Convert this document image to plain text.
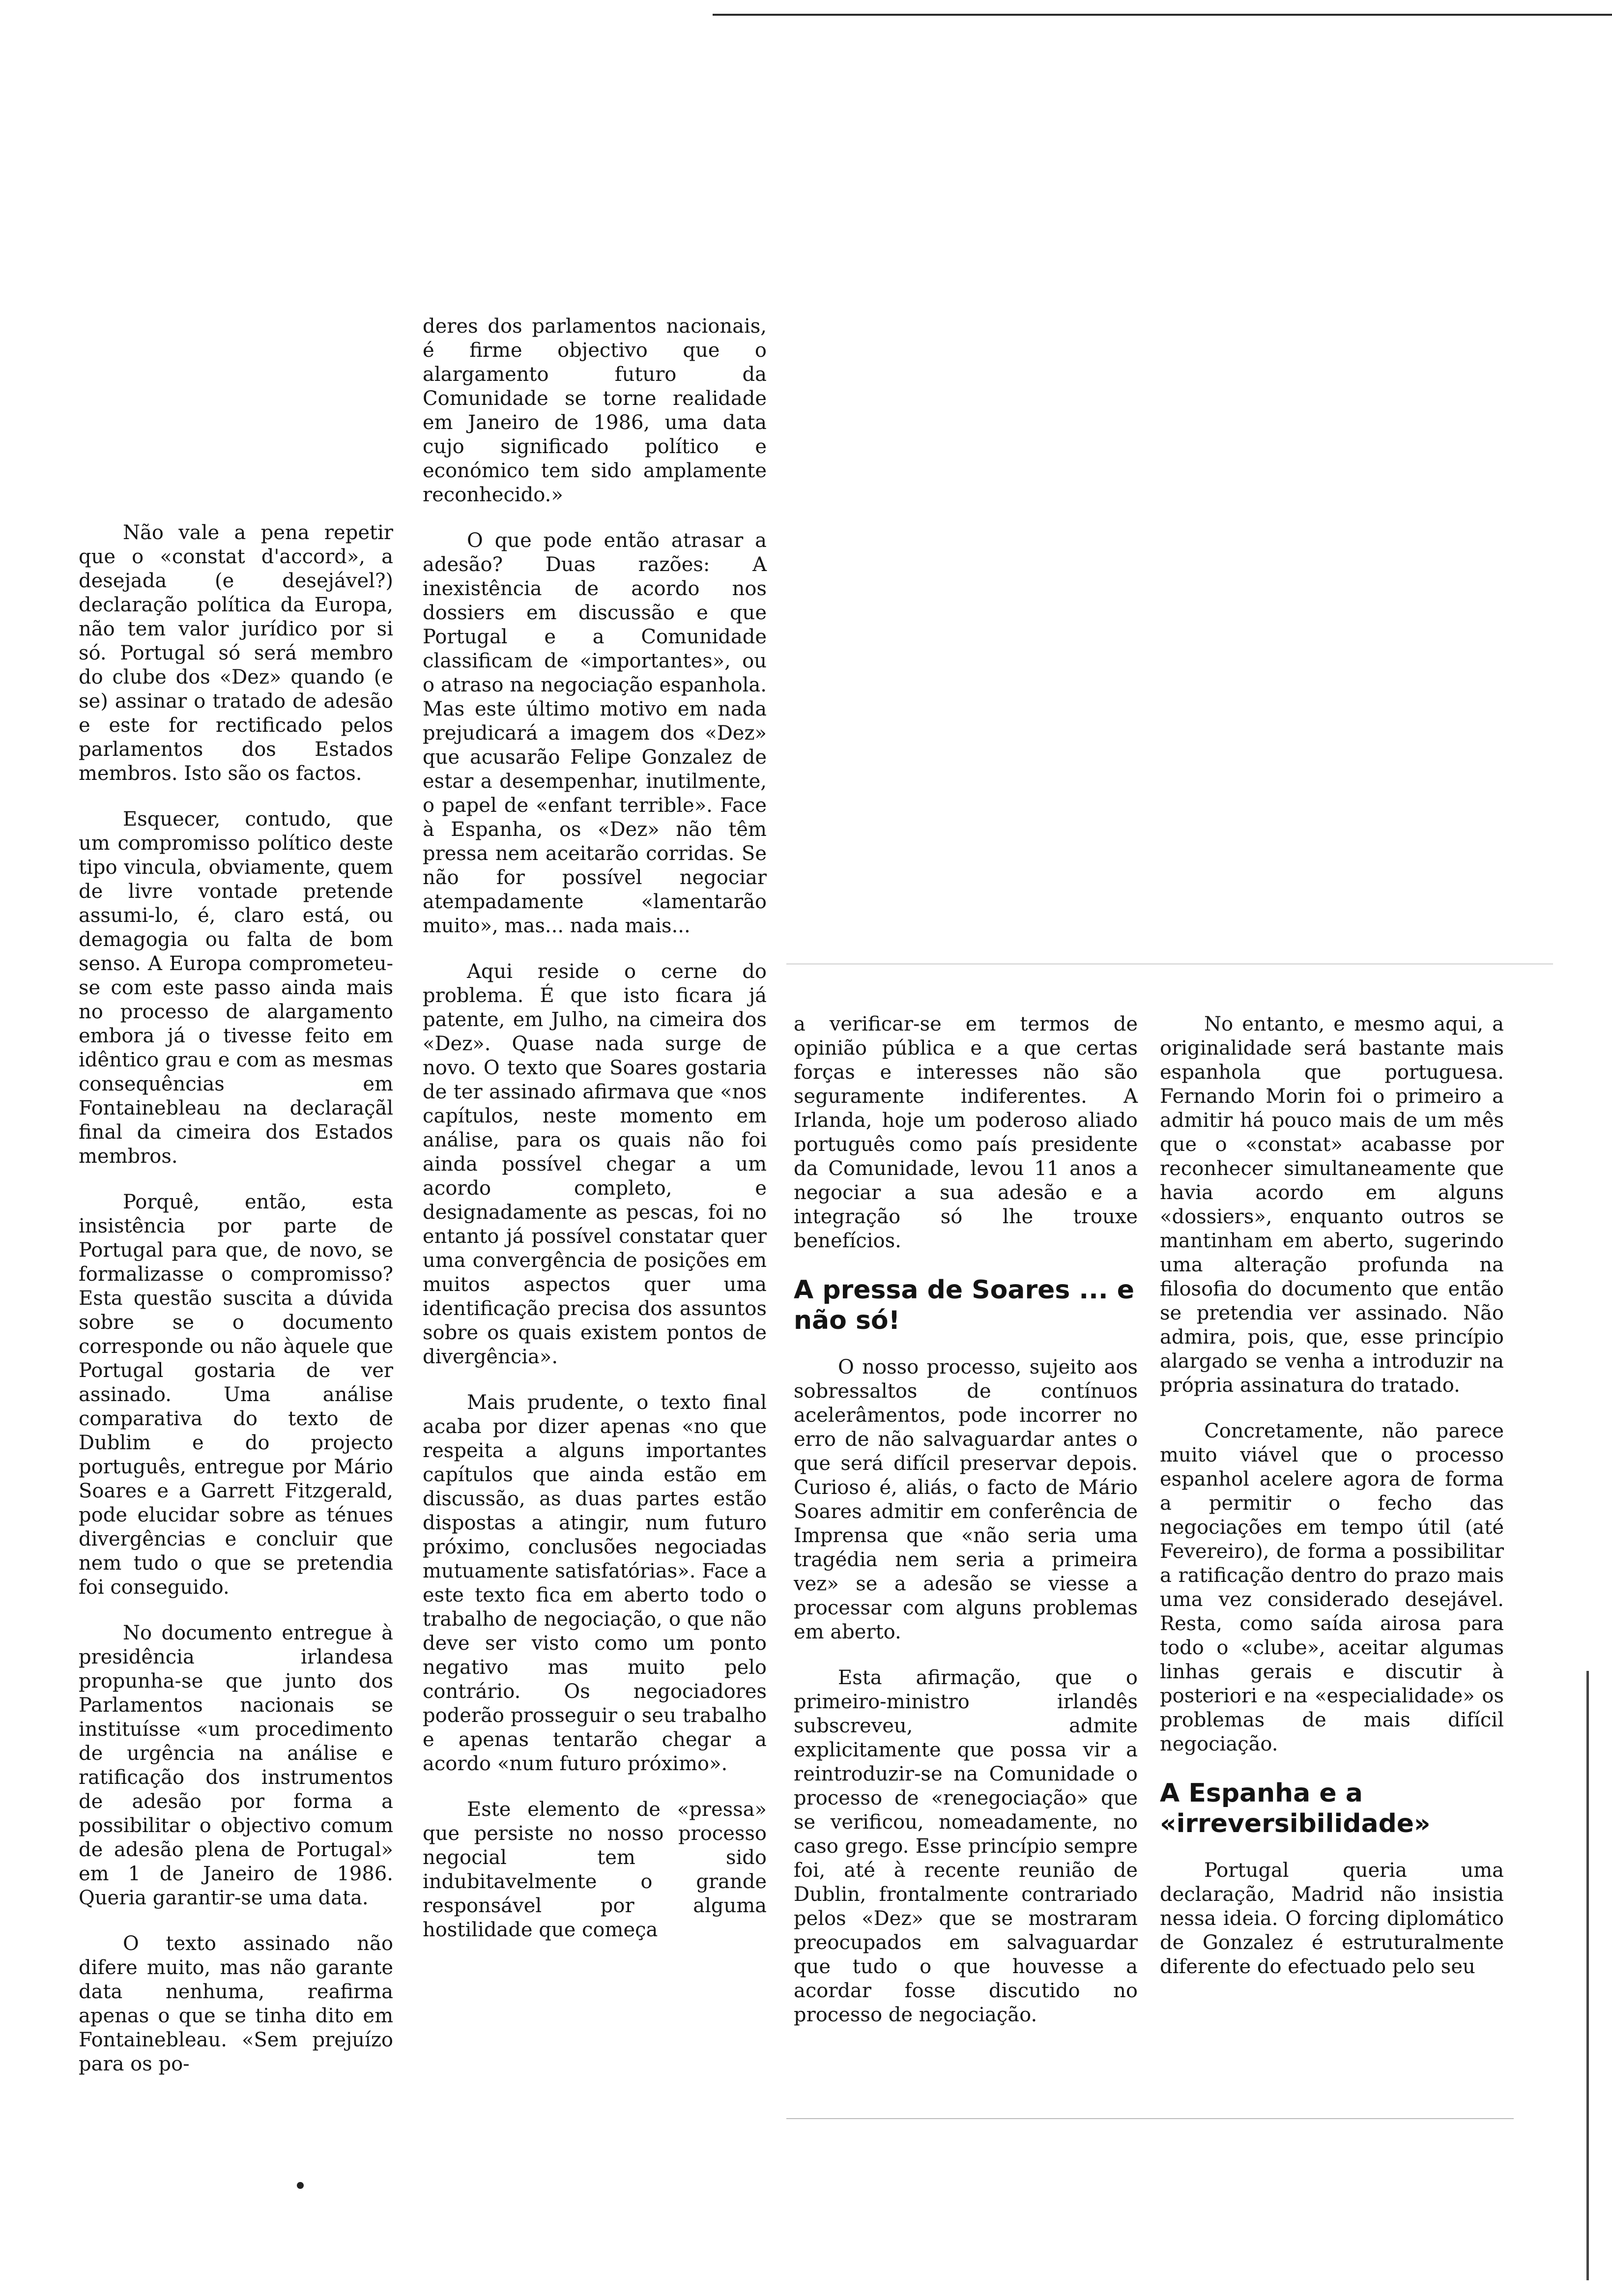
Não vale a pena repetir que o «constat d'accord», a desejada (e desejável?) declaração política da Europa, não tem valor jurídico por si só. Portugal só será membro do clube dos «Dez» quando (e se) assinar o tratado de adesão e este for rectificado pelos parlamentos dos Estados membros. Isto são os factos.

Esquecer, contudo, que um compromisso político deste tipo vincula, obviamente, quem de livre vontade pretende assumi-lo, é, claro está, ou demagogia ou falta de bom senso. A Europa comprometeu-se com este passo ainda mais no processo de alargamento embora já o tivesse feito em idêntico grau e com as mesmas consequências em Fontainebleau na declaraçãl final da cimeira dos Estados membros.

Porquê, então, esta insistência por parte de Portugal para que, de novo, se formalizasse o compromisso? Esta questão suscita a dúvida sobre se o documento corresponde ou não àquele que Portugal gostaria de ver assinado. Uma análise comparativa do texto de Dublim e do projecto português, entregue por Mário Soares e a Garrett Fitzgerald, pode elucidar sobre as ténues divergências e concluir que nem tudo o que se pretendia foi conseguido.

No documento entregue à presidência irlandesa propunha-se que junto dos Parlamentos nacionais se instituísse «um procedimento de urgência na análise e ratificação dos instrumentos de adesão por forma a possibilitar o objectivo comum de adesão plena de Portugal» em 1 de Janeiro de 1986. Queria garantir-se uma data.

O texto assinado não difere muito, mas não garante data nenhuma, reafirma apenas o que se tinha dito em Fontainebleau. «Sem prejuízo para os po-

deres dos parlamentos nacionais, é firme objectivo que o alargamento futuro da Comunidade se torne realidade em Janeiro de 1986, uma data cujo significado político e económico tem sido amplamente reconhecido.»

O que pode então atrasar a adesão? Duas razões: A inexistência de acordo nos dossiers em discussão e que Portugal e a Comunidade classificam de «importantes», ou o atraso na negociação espanhola. Mas este último motivo em nada prejudicará a imagem dos «Dez» que acusarão Felipe Gonzalez de estar a desempenhar, inutilmente, o papel de «enfant terrible». Face à Espanha, os «Dez» não têm pressa nem aceitarão corridas. Se não for possível negociar atempadamente «lamentarão muito», mas... nada mais...

Aqui reside o cerne do problema. É que isto ficara já patente, em Julho, na cimeira dos «Dez». Quase nada surge de novo. O texto que Soares gostaria de ter assinado afirmava que «nos capítulos, neste momento em análise, para os quais não foi ainda possível chegar a um acordo completo, e designadamente as pescas, foi no entanto já possível constatar quer uma convergência de posições em muitos aspectos quer uma identificação precisa dos assuntos sobre os quais existem pontos de divergência».

Mais prudente, o texto final acaba por dizer apenas «no que respeita a alguns importantes capítulos que ainda estão em discussão, as duas partes estão dispostas a atingir, num futuro próximo, conclusões negociadas mutuamente satisfatórias». Face a este texto fica em aberto todo o trabalho de negociação, o que não deve ser visto como um ponto negativo mas muito pelo contrário. Os negociadores poderão prosseguir o seu trabalho e apenas tentarão chegar a acordo «num futuro próximo».

Este elemento de «pressa» que persiste no nosso processo negocial tem sido indubitavelmente o grande responsável por alguma hostilidade que começa

a verificar-se em termos de opinião pública e a que certas forças e interesses não são seguramente indiferentes. A Irlanda, hoje um poderoso aliado português como país presidente da Comunidade, levou 11 anos a negociar a sua adesão e a integração só lhe trouxe benefícios.

A pressa de Soares ... e não só!

O nosso processo, sujeito aos sobressaltos de contínuos acelerâmentos, pode incorrer no erro de não salvaguardar antes o que será difícil preservar depois. Curioso é, aliás, o facto de Mário Soares admitir em conferência de Imprensa que «não seria uma tragédia nem seria a primeira vez» se a adesão se viesse a processar com alguns problemas em aberto.

Esta afirmação, que o primeiro-ministro irlandês subscreveu, admite explicitamente que possa vir a reintroduzir-se na Comunidade o processo de «renegociação» que se verificou, nomeadamente, no caso grego. Esse princípio sempre foi, até à recente reunião de Dublin, frontalmente contrariado pelos «Dez» que se mostraram preocupados em salvaguardar que tudo o que houvesse a acordar fosse discutido no processo de negociação.

No entanto, e mesmo aqui, a originalidade será bastante mais espanhola que portuguesa. Fernando Morin foi o primeiro a admitir há pouco mais de um mês que o «constat» acabasse por reconhecer simultaneamente que havia acordo em alguns «dossiers», enquanto outros se mantinham em aberto, sugerindo uma alteração profunda na filosofia do documento que então se pretendia ver assinado. Não admira, pois, que, esse princípio alargado se venha a introduzir na própria assinatura do tratado.

Concretamente, não parece muito viável que o processo espanhol acelere agora de forma a permitir o fecho das negociações em tempo útil (até Fevereiro), de forma a possibilitar a ratificação dentro do prazo mais uma vez considerado desejável. Resta, como saída airosa para todo o «clube», aceitar algumas linhas gerais e discutir à posteriori e na «especialidade» os problemas de mais difícil negociação.

A Espanha e a «irreversibilidade»

Portugal queria uma declaração, Madrid não insistia nessa ideia. O forcing diplomático de Gonzalez é estruturalmente diferente do efectuado pelo seu
